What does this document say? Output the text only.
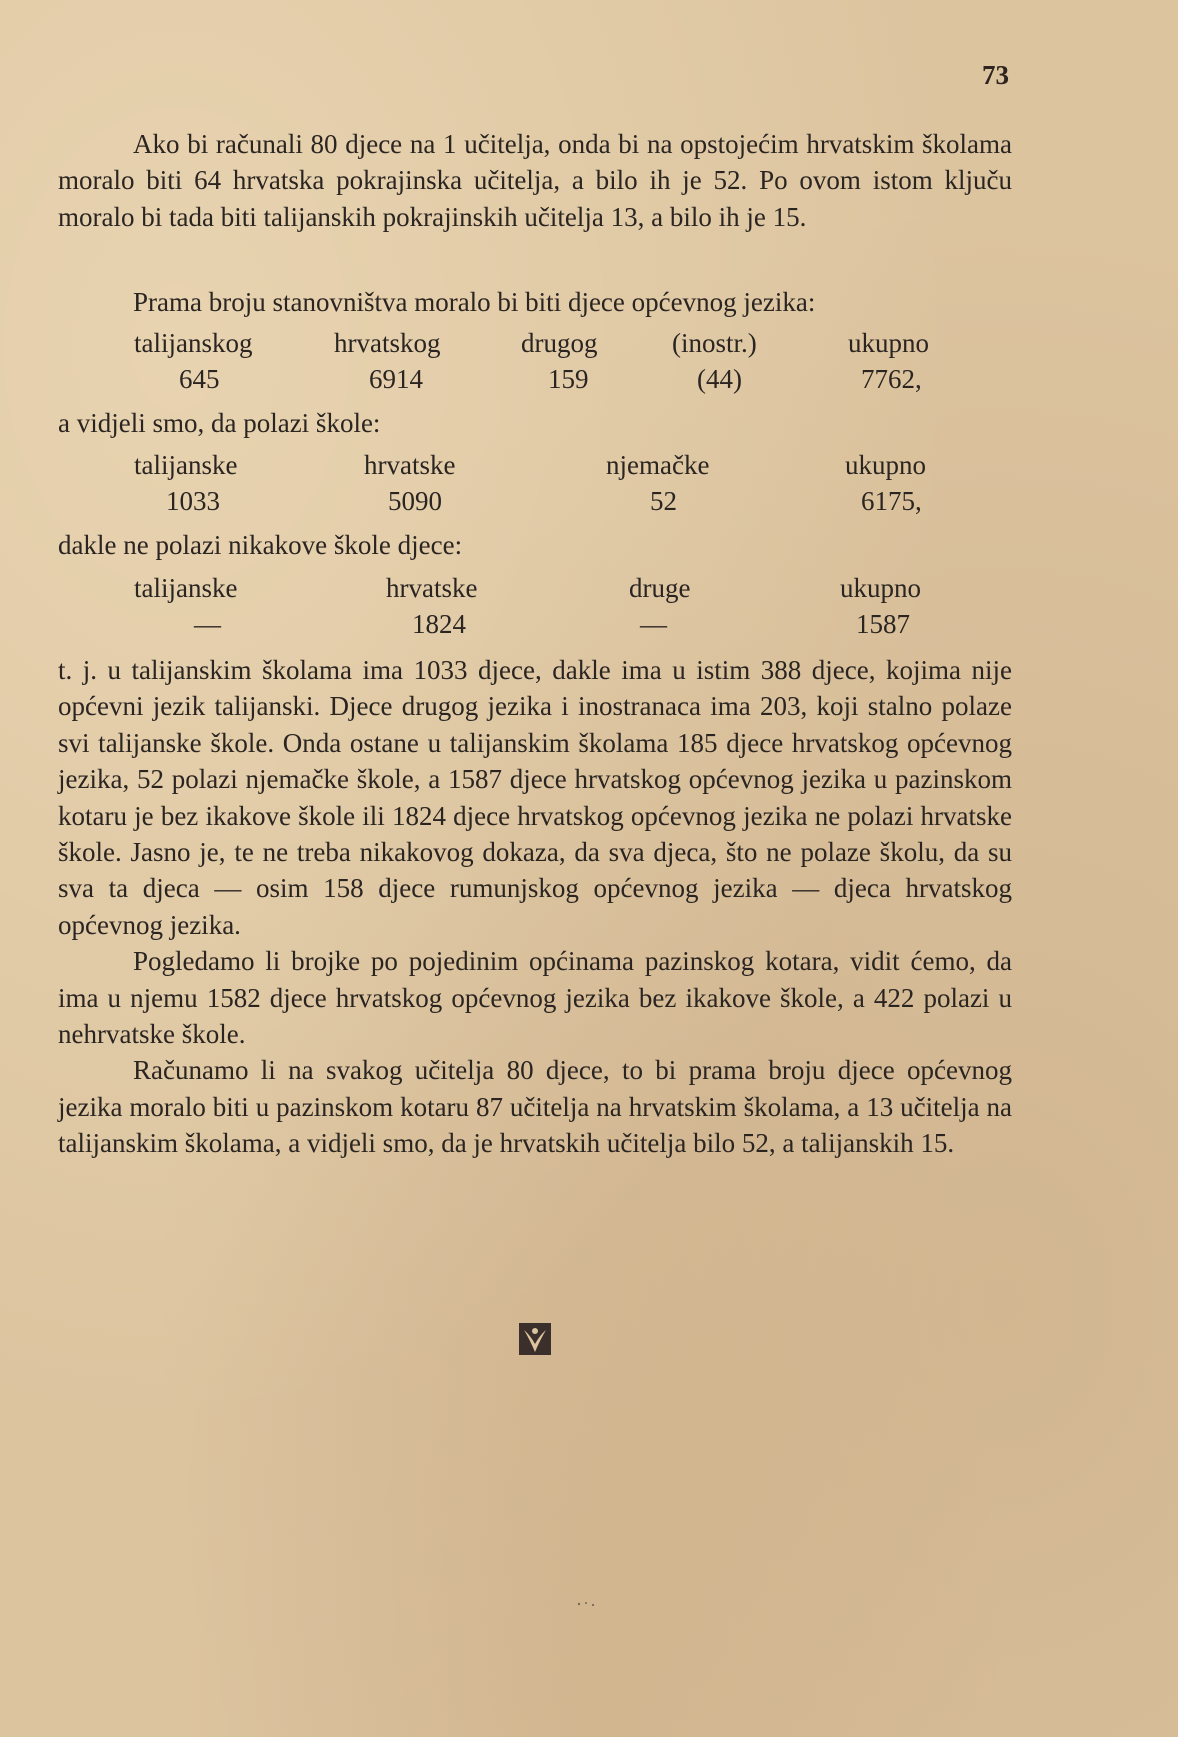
73

Ako bi računali 80 djece na 1 učitelja, onda bi na opstojećim hrvatskim školama moralo biti 64 hrvatska pokrajinska učitelja, a bilo ih je 52. Po ovom istom ključu moralo bi tada biti talijanskih pokrajinskih učitelja 13, a bilo ih je 15.

Prama broju stanovništva moralo bi biti djece općevnog jezika:

talijanskog	hrvatskog	drugog	(inostr.)	ukupno
645	6914	159	(44)	7762,

a vidjeli smo, da polazi škole:

talijanske	hrvatske	njemačke	ukupno
1033	5090	52	6175,

dakle ne polazi nikakove škole djece:

talijanske	hrvatske	druge	ukupno
—	1824	—	1587

t. j. u talijanskim školama ima 1033 djece, dakle ima u istim 388 djece, kojima nije općevni jezik talijanski. Djece drugog jezika i inostranaca ima 203, koji stalno polaze svi talijanske škole. Onda ostane u talijanskim školama 185 djece hrvatskog općevnog jezika, 52 polazi njemačke škole, a 1587 djece hrvatskog općevnog jezika u pazinskom kotaru je bez ikakove škole ili 1824 djece hrvatskog općevnog jezika ne polazi hrvatske škole. Jasno je, te ne treba nikakovog dokaza, da sva djeca, što ne polaze školu, da su sva ta djeca — osim 158 djece rumunjskog općevnog jezika — djeca hrvatskog općevnog jezika.

Pogledamo li brojke po pojedinim općinama pazinskog kotara, vidit ćemo, da ima u njemu 1582 djece hrvatskog općevnog jezika bez ikakove škole, a 422 polazi u nehrvatske škole.

Računamo li na svakog učitelja 80 djece, to bi prama broju djece općevnog jezika moralo biti u pazinskom kotaru 87 učitelja na hrvatskim školama, a 13 učitelja na talijanskim školama, a vidjeli smo, da je hrvatskih učitelja bilo 52, a talijanskih 15.
